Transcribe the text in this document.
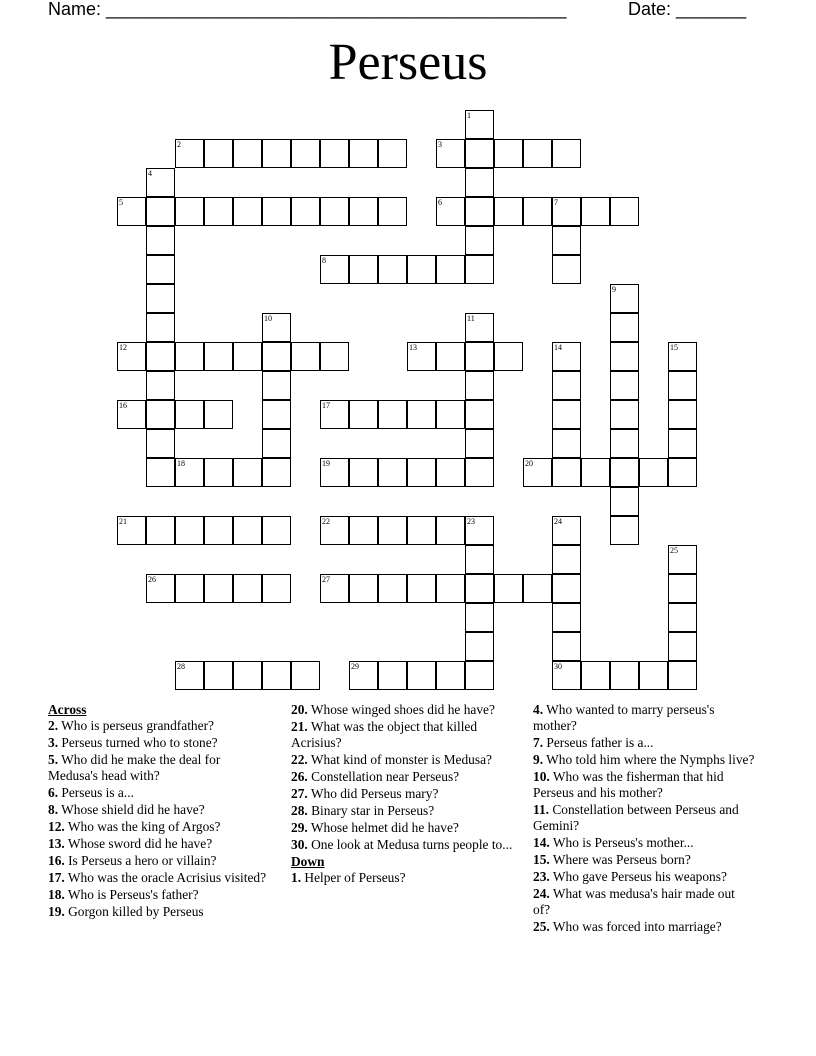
Name: ______________________________________________	Date: _______
Perseus
1
2	3
4
5	6	7
8
9
10	11
12	13	14	15
16	17
18	19	20
21	22	23	24
30
25
26	27
28	29
Across
2. Who is perseus grandfather?
3. Perseus turned who to stone?
5. Who did he make the deal for Medusa's head with?
6. Perseus is a...
8. Whose shield did he have?
12. Who was the king of Argos?
13. Whose sword did he have?
16. Is Perseus a hero or villain?
17. Who was the oracle Acrisius visited?
18. Who is Perseus's father?
19. Gorgon killed by Perseus
20. Whose winged shoes did he have?
21. What was the object that killed Acrisius?
22. What kind of monster is Medusa?
26. Constellation near Perseus?
27. Who did Perseus mary?
28. Binary star in Perseus?
29. Whose helmet did he have?
30. One look at Medusa turns people to...
Down
1. Helper of Perseus?
4. Who wanted to marry perseus's mother?
7. Perseus father is a...
9. Who told him where the Nymphs live?
10. Who was the fisherman that hid Perseus and his mother?
11. Constellation between Perseus and Gemini?
14. Who is Perseus's mother...
15. Where was Perseus born?
23. Who gave Perseus his weapons?
24. What was medusa's hair made out of?
25. Who was forced into marriage?
